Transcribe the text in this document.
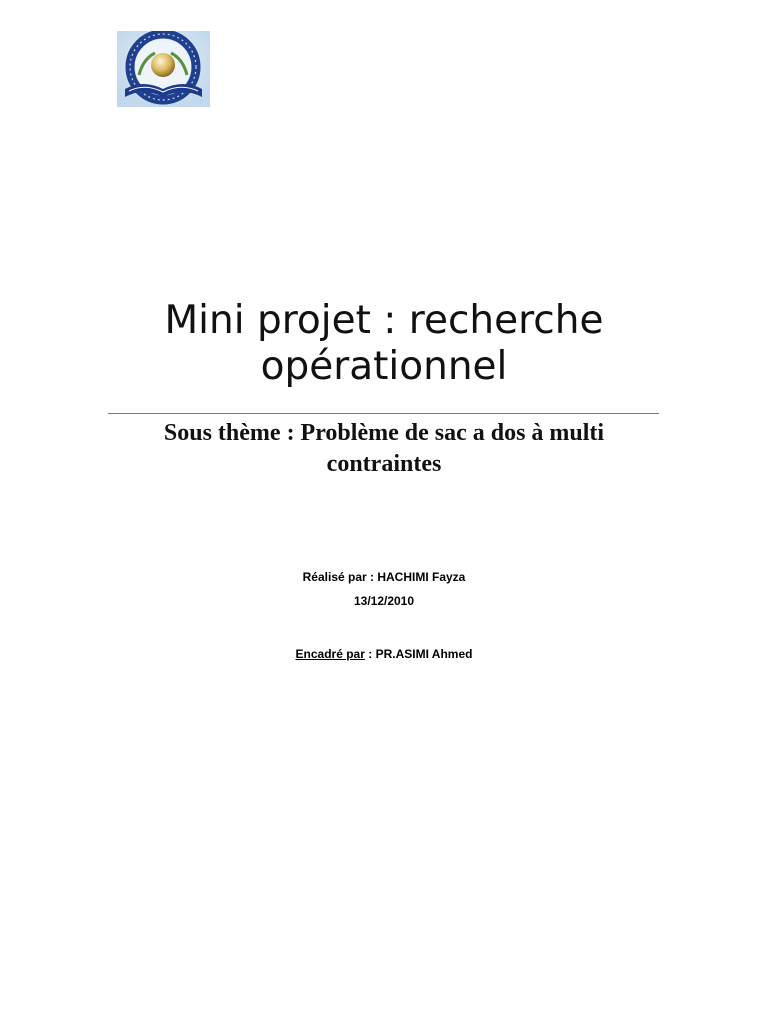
Mini projet : recherche
opérationnel
Sous thème : Problème de sac a dos à multi
contraintes

Réalisé par : HACHIMI Fayza

13/12/2010

Encadré par : PR.ASIMI Ahmed
